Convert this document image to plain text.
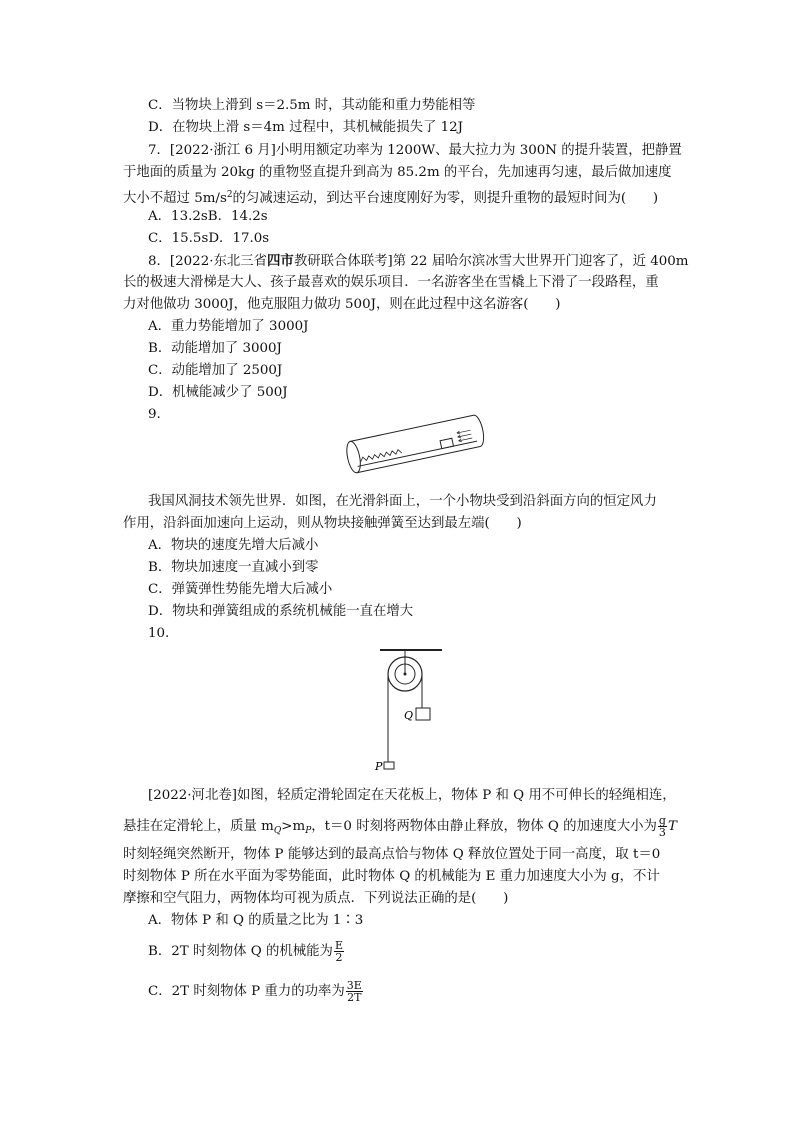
C．当物块上滑到 s＝2.5m 时，其动能和重力势能相等
D．在物块上滑 s＝4m 过程中，其机械能损失了 12J
7．[2022·浙江 6 月]小明用额定功率为 1200W、最大拉力为 300N 的提升装置，把静置
于地面的质量为 20kg 的重物竖直提升到高为 85.2m 的平台，先加速再匀速，最后做加速度
大小不超过 $5m/s^2$的匀减速运动，到达平台速度刚好为零，则提升重物的最短时间为(　　)
A．13.2sB．14.2s
C．15.5sD．17.0s
8．[2022·东北三省四市教研联合体联考]第 22 届哈尔滨冰雪大世界开门迎客了，近 400m
长的极速大滑梯是大人、孩子最喜欢的娱乐项目．一名游客坐在雪橇上下滑了一段路程，重
力对他做功 3000J，他克服阻力做功 500J，则在此过程中这名游客(　　)
A．重力势能增加了 3000J
B．动能增加了 3000J
C．动能增加了 2500J
D．机械能减少了 500J
9.
我国风洞技术领先世界．如图，在光滑斜面上，一个小物块受到沿斜面方向的恒定风力
作用，沿斜面加速向上运动，则从物块接触弹簧至达到最左端(　　)
A．物块的速度先增大后减小
B．物块加速度一直减小到零
C．弹簧弹性势能先增大后减小
D．物块和弹簧组成的系统机械能一直在增大
10.
Q
P
[2022·河北卷]如图，轻质定滑轮固定在天花板上，物体 P 和 Q 用不可伸长的轻绳相连，
悬挂在定滑轮上，质量 $m_Q>m_P$，t＝0 时刻将两物体由静止释放，物体 Q 的加速度大小为 $\frac{g}{3}$ T
时刻轻绳突然断开，物体 P 能够达到的最高点恰与物体 Q 释放位置处于同一高度，取 t＝0
时刻物体 P 所在水平面为零势能面，此时物体 Q 的机械能为 E 重力加速度大小为 g，不计
摩擦和空气阻力，两物体均可视为质点．下列说法正确的是(　　)
A．物体 P 和 Q 的质量之比为 1∶3
B．2T 时刻物体 Q 的机械能为 $\frac{E}{2}$
C．2T 时刻物体 P 重力的功率为 $\frac{3E}{2T}$
